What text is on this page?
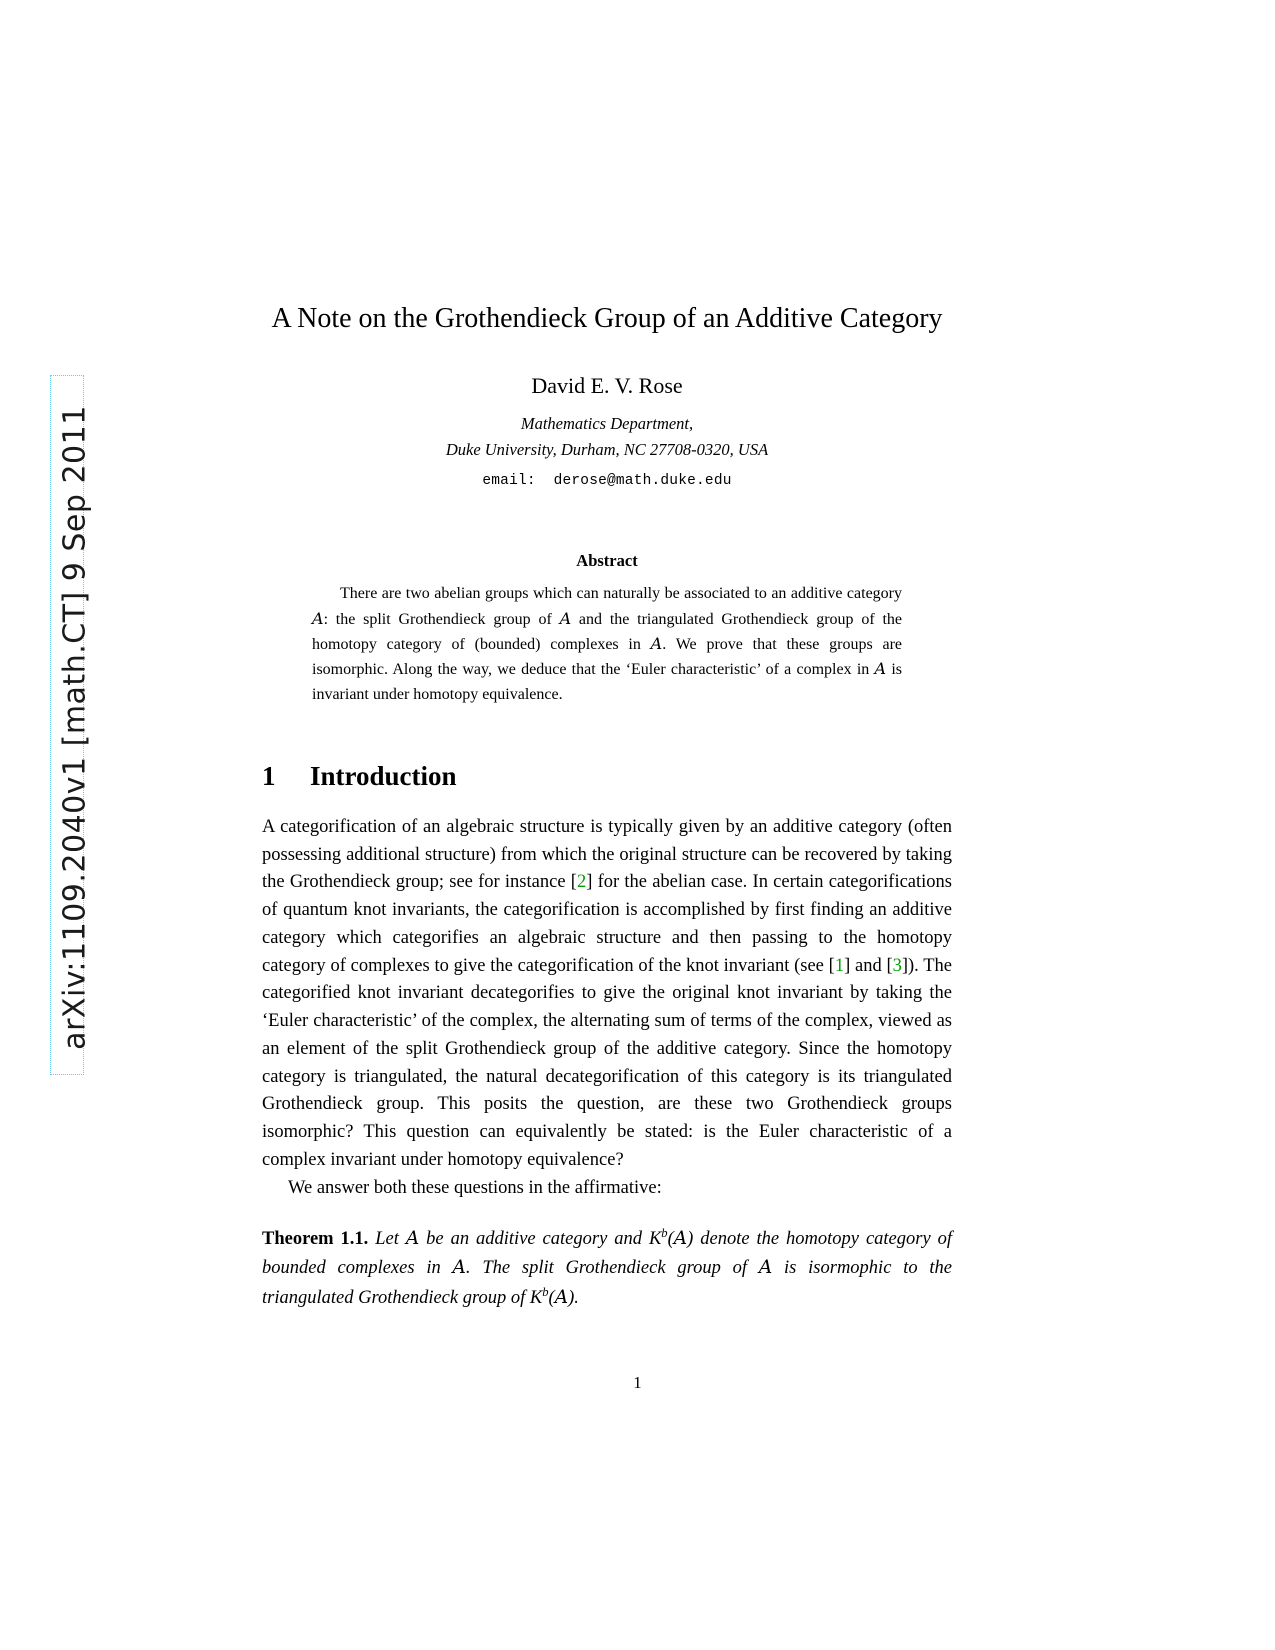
arXiv:1109.2040v1 [math.CT] 9 Sep 2011
A Note on the Grothendieck Group of an Additive Category
David E. V. Rose
Mathematics Department,
Duke University, Durham, NC 27708-0320, USA
email: derose@math.duke.edu
Abstract
There are two abelian groups which can naturally be associated to an additive category A: the split Grothendieck group of A and the triangulated Grothendieck group of the homotopy category of (bounded) complexes in A. We prove that these groups are isomorphic. Along the way, we deduce that the ‘Euler characteristic’ of a complex in A is invariant under homotopy equivalence.
1	Introduction

A categorification of an algebraic structure is typically given by an additive category (often possessing additional structure) from which the original structure can be recovered by taking the Grothendieck group; see for instance [2] for the abelian case. In certain categorifications of quantum knot invariants, the categorification is accomplished by first finding an additive category which categorifies an algebraic structure and then passing to the homotopy category of complexes to give the categorification of the knot invariant (see [1] and [3]). The categorified knot invariant decategorifies to give the original knot invariant by taking the ‘Euler characteristic’ of the complex, the alternating sum of terms of the complex, viewed as an element of the split Grothendieck group of the additive category. Since the homotopy category is triangulated, the natural decategorification of this category is its triangulated Grothendieck group. This posits the question, are these two Grothendieck groups isomorphic? This question can equivalently be stated: is the Euler characteristic of a complex invariant under homotopy equivalence?

We answer both these questions in the affirmative:

Theorem 1.1. Let A be an additive category and $K^b(A)$ denote the homotopy category of bounded complexes in A. The split Grothendieck group of A is isormophic to the triangulated Grothendieck group of $K^b(A)$.
1
